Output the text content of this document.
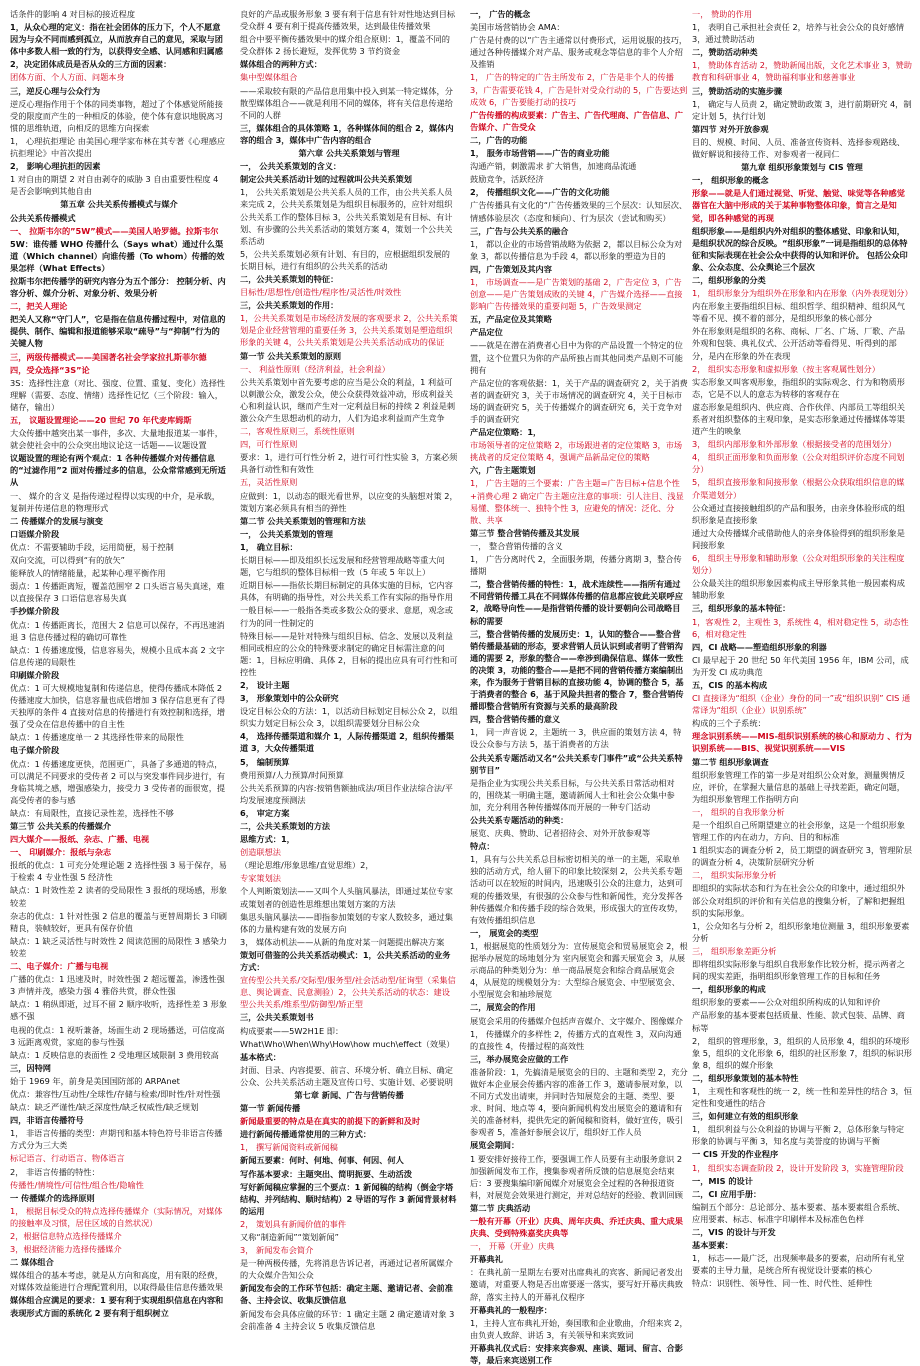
话条件的影响 4 对目标的接近程度
1，从众心理的定义：指在社会团体的压力下，个人不愿意因为与众不同而感到孤立，从而放弃自己的意见，采取与团体中多数人相一致的行为，以获得安全感、认同感和归属感
2，决定团体成员是否从众的三方面的因素：
团体方面、个人方面、问题本身
三，逆反心理与公众行为
逆反心理指作用于个体的同类事物，超过了个体感觉所能接受的限度而产生的一种相反的体验，使个体有意识地脱离习惯的思维轨道，向相反的思维方向探索
1， 心理抗拒理论 由美国心理学家布林在其专著《心理感应抗拒理论》中首次提出
2， 影响心理抗拒的因素
1 对自由的期望 2 对自由剥夺的威胁 3 自由重要性程度 4 是否会影响到其他自由
第五章 公共关系传播模式与媒介
公共关系传播模式
一、 拉斯韦尔的”5W”模式——美国人哈罗德。拉斯韦尔
5W：谁传播 WHO 传播什么（Says what）通过什么渠道（Which channel）向谁传播（To whom）传播的效果怎样（What Effects）
拉斯韦尔把传播学的研究内容分为五个部分： 控制分析、内容分析、媒介分析、对象分析、效果分析
二，把关人理论
把关人又称“守门人”，它是指在信息传播过程中，对信息的提供、制作、编辑和报道能够采取“疏导”与“抑制”行为的关键人物
三，两级传播模式——美国著名社会学家拉扎斯菲尔德
四，受众选择“3S”论
3S：选择性注意（对比、强度、位置、重复、变化）选择性理解（需要、态度、情绪）选择性记忆（三个阶段：输入，储存，输出）
五， 议题设置理论——20 世纪 70 年代麦库姆斯
大众传播中越突出某一事件，多次、大量地报道某一事件，就会使社会中的公众突出地议论这一话题——议题设置
议题设置的理论有两个观点：1 各种传播媒介对传播信息的“过滤作用”2 面对传播过多的信息，公众常常感到无所适从
一、 媒介的含义 是指传递过程得以实现的中介，是承载，复制并传递信息的物理形式
二 传播媒介的发展与演变
口语媒介阶段
优点：不需要辅助手段，运用简便，易于控制
双向交流，可以得到“有的放矢”
能释放人的情绪能量，起某种心理平衡作用
弱点：1 传播距离短，覆盖范围窄 2 口头语言易失真迷，难以直接保存 3 口语信息容易失真
手抄媒介阶段
优点：1 传播距离长，范围大 2 信息可以保存，不再迅速消退 3 信息传播过程的确切可靠性
缺点：1 传播速度慢，信息容易失，规模小且成本高 2 文字信息传递的局限性
印刷媒介阶段
优点：1 可大规模地复制和传递信息，使得传播成本降低 2 传播速度大加快，信息容量也成倍增加 3 保存信息更有了得天独厚的条件 4 直接对信息的传播进行有效控制和选择，增强了受众在信息传播中的自主性
缺点：1 传播速度单一 2 其选择性带来的局限性
电子媒介阶段
优点：1 传播速度更快，范围更广，具备了多通道的特点，可以满足不同要求的受传者 2 可以与突发事件同步进行，有身临其境之感，增强感染力，接受力 3 受传者的面很宽，提高受传者的参与感
缺点：有局限性，直接记录性差，选择性不够
第三节 公共关系的传播媒介
四大媒介——报纸、杂志、广播、电视
一、 印刷媒介：报纸与杂志
报纸的优点：1 可充分处理论题 2 选择性强 3 易于保存，易于检索 4 专业性强 5 经济性
缺点：1 时效性差 2 读者的受局限性 3 报纸的现场感，形象较差
杂志的优点：1 针对性强 2 信息的覆盖与更替周期长 3 印刷精良，装帧较好，更具有保存价值
缺点：1 缺乏灵活性与时效性 2 阅读范围的局限性 3 感染力较差
二、电子媒介：广播与电视
广播的优点：1 迅速及时，时效性强 2 超远覆盖，渗透性强 3 声情并茂，感染力强 4 雅俗共赏，群众性强
缺点：1 稍纵即逝，过耳不留 2 顺序收听，选择性差 3 形象感不强
电视的优点：1 视听兼备，场面生动 2 现场播送，可信度高 3 远距离观赏，家庭的参与性强
缺点：1 反映信息的表面性 2 受地理区域限制 3 费用较高
三，因特网
始于 1969 年，前身是美国国防部的 ARPAnet
优点：兼容性/互动性/全球性/存储与检索/即时性/针对性强
缺点：缺乏严谨性/缺乏深度性/缺乏权威性/缺乏规划
四，非语言传播符号
1， 非语言传播的类型：声期刊和基本特色符号非语言传播方式分为三大类
标记语言、行动语言、物体语言
2， 非语言传播的特性：
传播性/情境性/可信性/组合性/隐喻性
一 传播媒介的选择原则
1， 根据目标受众的特点选择传播媒介（实际情况，对媒体的接触率及习惯，居住区域的自然状况）
2，根据信息特点选择传播媒介
3，根据经济能力选择传播媒介
二 媒体组合
媒体组合的基本考虑，就是从方向和高度，用有限的经费，对媒体效益能进行合理配置利用，以取得最佳信息传播效果
媒体组合应满足的要求：1 要有利于实现组织信息在内容和表现形式方面的系统化 2 要有利于组织树立
良好的产品或服务形象 3 要有利于信息有针对性地达到目标受众群 4 要有利于提高传播效果，达到最佳传播效果
组合中要平衡传播效果中的媒介组合原则：1，覆盖不同的受众群体 2 扬长避短，发挥优势 3 节约资金
媒体组合的两种方式：
集中型媒体组合
——采取较有限的产品信息用集中投入到某一特定媒体，分散型媒体组合——就是利用不同的媒体，将有关信息传递给不同的人群
三，媒体组合的具体策略 1，各种媒体间的组合 2，媒体内容的组合 3，媒体中广告内容的组合
第六章 公共关系策划与管理
一， 公共关系策划的含义：
制定公共关系活动计划的过程就叫公共关系策划
1， 公共关系策划是公共关系人员的工作，由公共关系人员来完成 2，公共关系策划是为组织目标服务的，应针对组织公共关系工作的整体目标 3，公共关系策划是有目标、有计划、有步骤的公共关系活动的策划方案 4，策划一个公共关系活动
5，公共关系策划必须有计划、有目的，应根据组织发展的长期目标，进行有组织的公共关系的活动
二，公共关系策划的特征：
目标性/思想性/创造性/程序性/灵活性/时效性
三，公共关系策划的作用：
1，公共关系策划是市场经济发展的客观要求 2，公共关系策划是企业经营管理的重要任务 3，公共关系策划是塑造组织形象的关键 4，公共关系策划是公共关系活动成功的保证
第一节 公共关系策划的原则
一、 利益性原则（经济利益，社会利益）
公共关系策划中首先要考虑的应当是公众的利益，1 利益可以刺激公众，激发公众，使公众获得效益冲动，形成利益关心和利益认识，继而产生对一定利益目标的持续 2 利益是刺激公众产生思想动机的动力，人们为追求利益而产生竞争
二，客观性原则三，系统性原则
四，可行性原则
要求：1，进行可行性分析 2，进行可行性实验 3，方案必须具备行动性和有效性
五，灵活性原则
应做到：1，以动态的眼光看世界，以应变的头脑想对策 2，策划方案必须具有相当的弹性
第二节 公共关系策划的管理和方法
一， 公共关系策划的管理
1， 确立目标：
长期目标——即及组织长远发展和经营管理战略等重大问题，它与组织的整体目标相一致（5 年或 5 年以上）
近期目标——指依长期目标制定的具体实施的目标，它内容具体，有明确的指导性，对公共关系工作有实际的指导作用
一般目标——一般指各类或多数公众的要求、意愿，观念或行为的同一性制定的
特殊目标——是针对特殊与组织目标、信念、发展以及利益相同或相应的公众的特殊要求制定的确定目标需注意的问题：1，目标应明确、具体 2，目标的提出应具有可行性和可控性
2， 设计主题
3， 形象策划中的公众研究
设定目标公众的方法：1，以活动目标划定目标公众 2，以组织实力划定目标公众 3，以组织需要划分目标公众
4， 选择传播渠道和媒介 1，人际传播渠道 2，组织传播渠道 3，大众传播渠道
5， 编制预算
费用预算/人力预算/时间预算
公共关系预算的内容:按销售额抽成法/项目作业法综合法/平均发展速度预测法
6， 审定方案
二，公共关系策划的方法
思维方式：1，
创造联想法
（理论思维/形象思维/直觉思维）2，
专家策划法
个人判断策划法——又叫个人头脑风暴法，即通过某位专家或策划者的创造性思维想出策划方案的方法
集思头脑风暴法——即指参加策划的专家人数较多，通过集体的力量构建有效的发展方向
3， 媒体动机法——从新的角度对某一问题提出解决方案
策划可借鉴的公共关系活动模式：1，公共关系活动的业务方式：
宣传型公共关系/交际型/服务型/社会活动型/征询型（采集信息、舆论调查、民意测验）2，公共关系活动的状态：建设型公共关系/维系型/防御型/矫正型
三，公共关系策划书
构成要素——5W2H1E 即：
What\Who\When\Why\How\how much\effect（效果）
基本格式：
封面、目录、内容提要、前言、环境分析、确立目标、确定公众、公共关系活动主题及宣传口号、实施计划、必要说明
第七章 新闻、广告与营销传播
第一节 新闻传播
新闻最重要的特点是在真实的前提下的新鲜和及时
进行新闻传播通常使用的三种方式：
1， 撰写新闻资料或新闻稿
新闻五要素：何时、何地、何事、何因、何人
写作基本要求：主题突出、简明扼要、生动活泼
写好新闻稿应掌握的三个要点：1 新闻稿的结构（倒金字塔结构、并列结构、顺时结构）2 导语的写作 3 新闻背景材料的运用
2， 策划具有新闻价值的事件
又称“制造新闻”“策划新闻”
3， 新闻发布会简介
是一种两极传播，先将消息告诉记者，再通过记者所属媒介的大众媒介告知公众
新闻发布会的工作环节包括：确定主题、邀请记者、会前准备、主持会议、收集反馈信息
新闻发布会具体应做的环节：1 确定主题 2 确定邀请对象 3 会前准备 4 主持会议 5 收集反馈信息
一， 广告的概念
美国市场营销协会 AMA：
广告是付费的以“广告主通常以付费形式，运用说服的技巧，通过各种传播媒介对产品、服务或观念等信息的非个人介绍及推销
1， 广告的特定的广告主所发布 2，广告是非个人的传播 3，广告需要花钱 4，广告是针对受众行动的 5，广告要达到成效 6，广告要能打动的技巧
广告传播的构成要素：广告主、广告代理商、广告信息、广告媒介、广告受众
二，广告的功能
1， 服务市场营销——广告的商业功能
沟通产销，刺激需求 扩大销售，加速商品流通
鼓励竞争，活跃经济
2， 传播组织文化——广告的文化功能
广告传播具有文化的“广告传播效果的三个层次：认知层次、情感体验层次（态度和倾向）、行为层次（尝试和购买）
三，广告与公共关系的融合
1， 都以企业的市场营销战略为依据 2，都以目标公众为对象 3，都以传播信息为手段 4，都以形象的塑造为目的
四，广告策划及其内容
1， 市场调查——是广告策划的基础 2，广告定位 3，广告创意——是广告策划成败的关键 4，广告媒介选择——直接影响广告传播效果的重要问题 5，广告效果测定
五，产品定位及其策略
产品定位
——就是在潜在消费者心目中为你的产品设置一个特定的位置，这个位置只为你的产品所独占而其他同类产品则不可能拥有
产品定位的客观依据：1，关于产品的调查研究 2，关于消费者的调查研究 3，关于市场情况的调查研究 4，关于目标市场的调查研究 5，关于传播媒介的调查研究 6，关于竞争对手的调查研究
产品定位策略：1，
市场领导者的定位策略 2，市场跟进者的定位策略 3，市场挑战者的反定位策略 4，强调产品新品定位的策略
六，广告主题策划
1， 广告主题的三个要素：广告主题=广告目标+信息个性+消费心理 2 确定广告主题应注意的事项：引人注目、浅显易懂、整体统一、独特个性 3，应避免的情况：泛化、分散、共享
第三节 整合营销传播及其发展
一， 整合营销传播的含义
1， 广告分离时代 2，全面服务期，传播分离期 3，整合传播期
二，整合营销传播的特性：1，战术连续性——指所有通过不同营销传播工具在不同媒体传播的信息都应彼此关联呼应 2，战略导向性——是指营销传播的设计要朝向公司战略目标的需要
三，整合营销传播的发展历史：1，认知的整合——整合营销传播最基础的形态，要求营销人员认识到或者明了营销沟通的需要 2，形象的整合——牵涉到确保信息、媒体一致性的决策 3，功能的整合——是把不同的营销传播方案编制出来，作为服务于营销目标的直接功能 4，协调的整合 5，基于消费者的整合 6，基于风险共担者的整合 7，整合营销传播即整合营销所有资源与关系的最高阶段
四，整合营销传播的意义
1， 同一声音说 2，主题统一 3，供应面的策划方法 4，特设公众参与方法 5，基于消费者的方法
公共关系专题活动又名“公共关系专门事件”或“公共关系特别节目”
是指企业为实现公共关系目标，与公共关系日常活动相对的，围绕某一明确主题，邀请新闻人士和社会公众集中参加，充分利用各种传播媒体而开展的一种专门活动
公共关系专题活动的种类：
展览、庆典、赞助、记者招待会、对外开放参观等
特点：
1，具有与公共关系总目标密切相关的单一的主题，采取单独的活动方式，给人留下的印象比较深刻 2，公共关系专题活动可以在较短的时间内，迅速吸引公众的注意力，达到可观的传播效果，有很强的公众参与性和新闻性，充分发挥各种传播媒介和传播手段的综合效果，形成强大的宣传攻势，有效传播组织信息
一， 展览会的类型
1，根据展览的性质划分为：宣传展览会和贸易展览会 2，根据举办展览的场地划分为 室内展览会和露天展览会 3，从展示商品的种类划分为：单一商品展览会和综合商品展览会 4，从展览的规模划分为：大型综合展览会、中型展览会、小型展览会和袖珍展览
二，展览会的作用
展览会采用的传播媒介包括声音媒介、文字媒介、图像媒介
1， 传播媒介的多样性 2，传播方式的直观性 3，双向沟通的直接性 4，传播过程的高效性
三，举办展览会应做的工作
准备阶段：1，先搞清是展览会的目的、主题和类型 2，充分做好本企业展会传播内容的准备工作 3，邀请参展对象，以不同方式发出请柬，并同时告知展览会的主题、类型、要求、时间、地点等 4，要向新闻机构发出展览会的邀请和有关的准备材料，提供先定的新闻稿和资料，做好宣传，吸引参观者 5，准备好参展会议厅，组织好工作人员
展览会期间：
1 要安排好接待工作，要强调工作人员要有主动服务意识 2 加强新闻发布工作，搜集参观者所反馈的信息展览会结束后：3 要搜集编印新闻媒介对展览会全过程的各种报道资料，对展览会效果进行测定，并对总结好的经验、教训回顾
第二节 庆典活动
一般有开幕（开业）庆典、周年庆典、乔迁庆典、重大成果庆典、受到特殊嘉奖庆典等
一， 开幕（开业）庆典
开幕典礼
：在典礼前一星期左右要对出席典礼的宾客、新闻记者发出邀请，对重要人物是否出席要逐一落实，要写好开幕庆典致辞，落实主持人的开幕礼仪程序
开幕典礼的一般程序：
1，主持人宣布典礼开始，奏国歌和企业歌曲，介绍来宾 2，由负责人致辞、讲话 3，有关领导和来宾致词
开幕典礼仪式后：安排来宾参观、座谈、题词、留言、合影等，最后来宾送别工作
一， 赞助的作用
1， 表明自己承担社会责任 2，培养与社会公众的良好感情 3，通过赞助活动
二，赞助活动种类
1， 赞助体育活动 2，赞助新闻出版，文化艺术事业 3，赞助教育和科研事业 4，赞助福利事业和慈善事业
三，赞助活动的实施步骤
1， 确定与人员责 2，确定赞助政策 3，进行前期研究 4，制定计划 5，执行计划
第四节 对外开放参观
目的、规模、时间、人员、准备宣传资料、选择参观路线、做好解说和接待工作、对参观者一视同仁
第九章 组织形象策划与 CIS 管理
一， 组织形象的概念
形象——就是人们通过视觉、听觉、触觉、味觉等各种感觉器官在大脑中形成的关于某种事物整体印象，简言之是知觉，即各种感觉的再现
组织形象——是组织内外对组织的整体感觉、印象和认知，是组织状况的综合反映。“组织形象”一词是指组织的总体特征和实际表现在社会公众中获得的认知和评价。 包括公众印象、公众态度、公众舆论三个层次
二，组织形象的分类
1， 组织形象分为组织外在形象和内在形象（内外表现划分）
内在形象主要指组织目标、组织哲学、组织精神、组织风气等看不见、摸不着的部分，是组织形象的核心部分
外在形象则是组织的名称、商标、厂名、广场、厂歌、产品外观和包装、典礼仪式、公开活动等看得见、听得到的部分，是内在形象的外在表现
2， 组织实态形象和虚拟形象（按主客观属性划分）
实态形象又叫客观形象，指组织的实际观念、行为和物质形态，它是不以人的意志为转移的客观存在
虚态形象是组织内、供应商、合作伙伴、内部员工等组织关系者对组织整体的主观印象，是实态形象通过传播媒体等渠道产生的映象
3， 组织内部形象和外部形象（根据接受者的范围划分）
4， 组织正面形象和负面形象（公众对组织评价态度不同划分）
5， 组织直接形象和间接形象（根据公众获取组织信息的媒介渠道划分）
公众通过直接接触组织的产品和服务，由亲身体验形成的组织形象是直接形象
通过大众传播媒介或借助他人的亲身体验得到的组织形象是间接形象
6， 组织主导形象和辅助形象（公众对组织形象的关注程度划分）
公众最关注的组织形象因素构成主导形象其他一般因素构成辅助形象
三，组织形象的基本特征：
1，客观性 2，主观性 3，系统性 4，相对稳定性 5，动态性 6，相对稳定性
四，CI 战略——塑造组织形象的利器
CI 最早起于 20 世纪 50 年代美国 1956 年，IBM 公司，成为开发 CI 成功典范
五，CIS 的基本构成
CI 直接译为“组织（企业）身份的同一”或“组织识别” CIS 通常译为“组织（企业）识别系统”
构成的三个子系统：
理念识别系统——MIS-组织识别系统的核心和原动力 、行为识别系统——BIS、视觉识别系统——VIS
第二节 组织形象调查
组织形象管理工作的第一步是对组织公众对象，测量舆情反应，评价，在掌握大量信息的基础上寻找差距，确定问题，为组织形象管理工作指明方向
一， 组织的自我形象分析
是一个组织自己所期望建立的社会形象，这是一个组织形象管理工作的内在动力，方向、目的和标准
1 组织实态的调查分析 2，员工期望的调查研究 3，管理阶层的调查分析 4，决策阶层研究分析
二， 组织实际形象分析
即组织的实际状态和行为在社会公众的印象中，通过组织外部公众对组织的评价和有关信息的搜集分析，了解和把握组织的实际形象。
1，公众知名与分析 2，组织形象地位测量 3，组织形象要素分析
三， 组织形象差距分析
即将组织实际形象与组织自我形象作比较分析，提示两者之间的现实差距，指明组织形象管理工作的目标和任务
一，组织形象的构成
组织形象的要素——公众对组织所构成的认知和评价
产品形象的基本要素包括质量、性能、款式包装、品牌、商标等
2， 组织的管理形象，3，组织的人员形象 4，组织的环境形象 5，组织的文化形象 6，组织的社区形象 7，组织的标识形象 8，组织的媒介形象
二，组织形象策划的基本特性
1， 主观性和客观性的统一 2，统一性和差异性的结合 3，恒定性和变通性的结合
三，如何建立有效的组织形象
1， 组织利益与公众利益的协调与平衡 2，总体形象与特定形象的协调与平衡 3，知名度与美誉度的协调与平衡
一 CIS 开发的作业程序
1， 组织实态调查阶段 2，设计开发阶段 3，实施管理阶段
一，MIS 的设计
二，CI 应用手册：
编制五个部分：总论部分、基本要素、基本要素组合系统、应用要素、标志、标准字印刷样本及标准色色样
二，VIS 的设计与开发
基本要素：
1， 标志——最广泛，出现频率最多的要素，启动所有礼堂要素的主导力量，是统合所有视觉设计要素的核心
特点：识别性、领导性、同一性、时代性、延伸性
